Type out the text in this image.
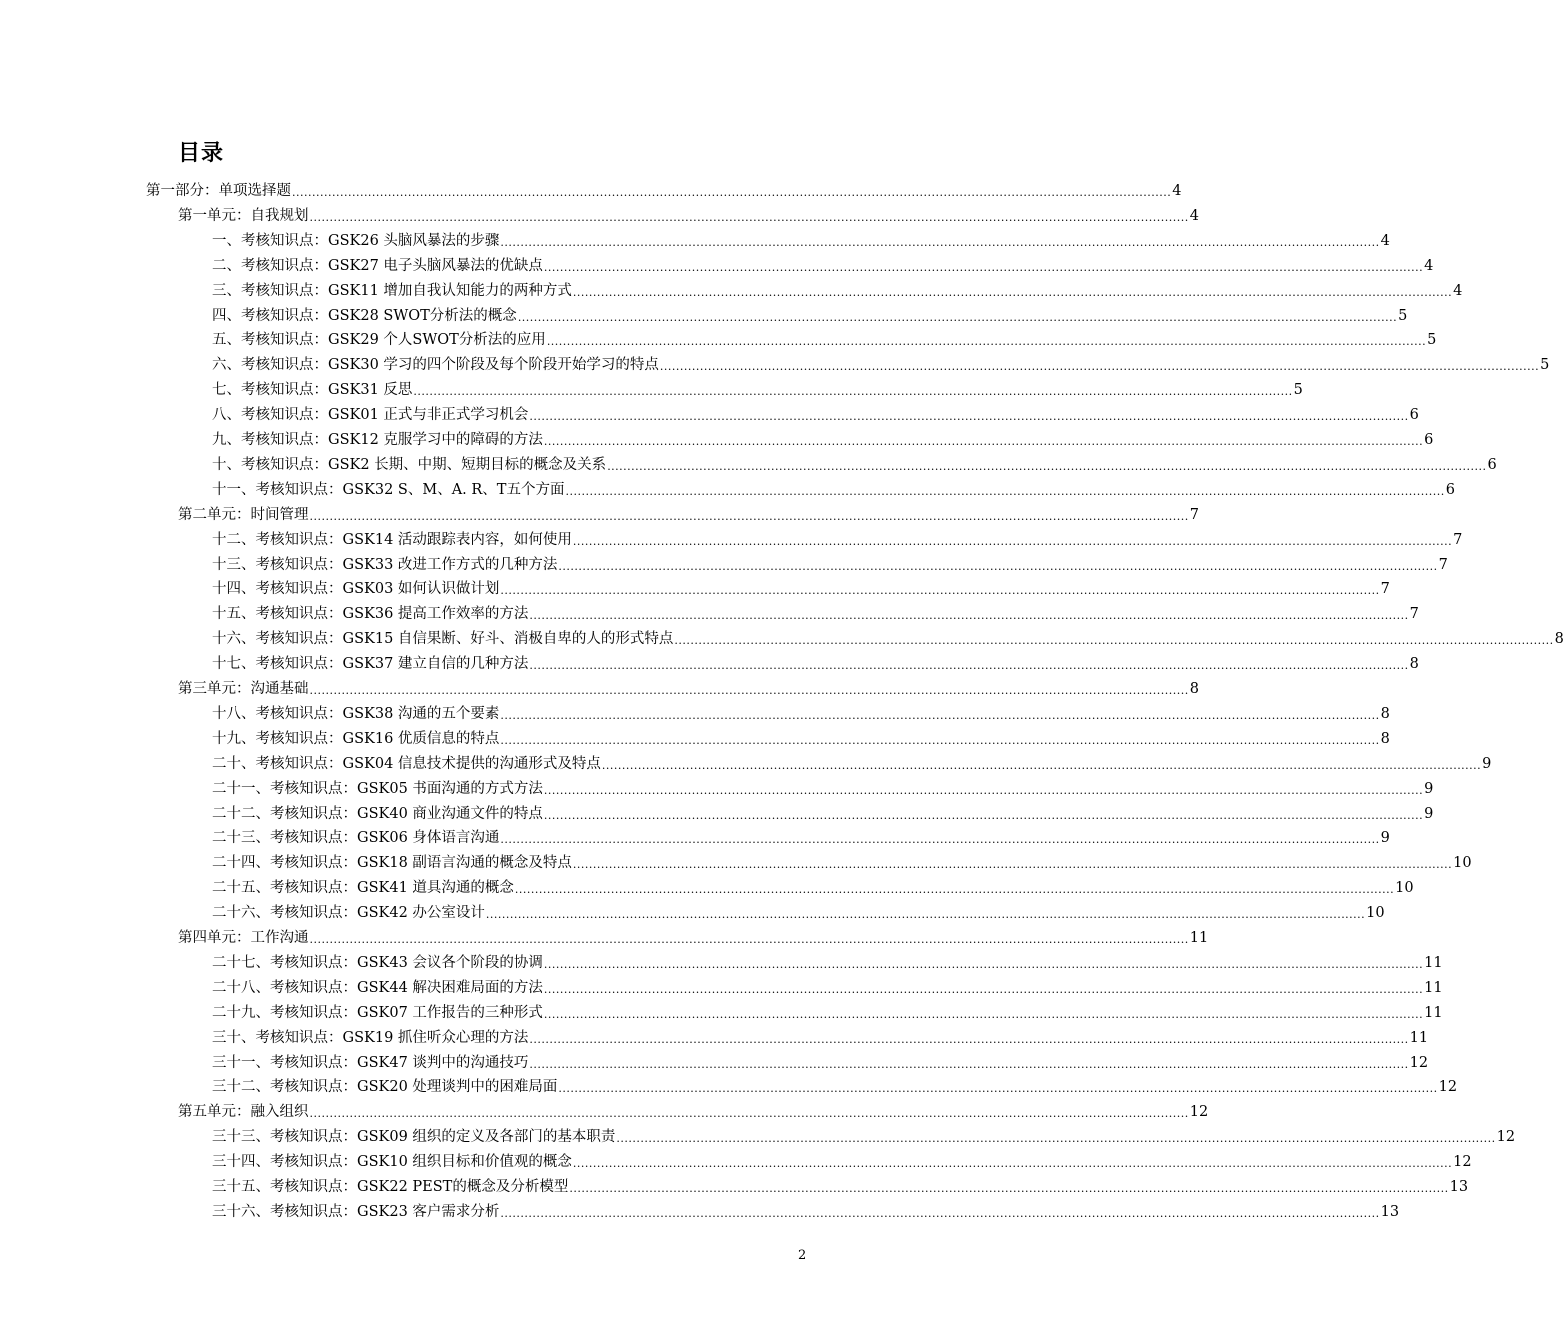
目录
第一部分：单项选择题 ............................................................................................................................................................................................................................ 4
第一单元：自我规划 ............................................................................................................................................................................................................................ 4
一、考核知识点：GSK26 头脑风暴法的步骤 ............................................................................................................................................................................................................................ 4
二、考核知识点：GSK27 电子头脑风暴法的优缺点 ............................................................................................................................................................................................................................ 4
三、考核知识点：GSK11 增加自我认知能力的两种方式 ............................................................................................................................................................................................................................ 4
四、考核知识点：GSK28 SWOT分析法的概念 ............................................................................................................................................................................................................................ 5
五、考核知识点：GSK29 个人SWOT分析法的应用 ............................................................................................................................................................................................................................ 5
六、考核知识点：GSK30 学习的四个阶段及每个阶段开始学习的特点 ............................................................................................................................................................................................................................ 5
七、考核知识点：GSK31 反思 ............................................................................................................................................................................................................................ 5
八、考核知识点：GSK01 正式与非正式学习机会 ............................................................................................................................................................................................................................ 6
九、考核知识点：GSK12 克服学习中的障碍的方法 ............................................................................................................................................................................................................................ 6
十、考核知识点：GSK2 长期、中期、短期目标的概念及关系 ............................................................................................................................................................................................................................ 6
十一、考核知识点：GSK32 S、M、A. R、T五个方面 ............................................................................................................................................................................................................................ 6
第二单元：时间管理 ............................................................................................................................................................................................................................ 7
十二、考核知识点：GSK14 活动跟踪表内容，如何使用 ............................................................................................................................................................................................................................ 7
十三、考核知识点：GSK33 改进工作方式的几种方法 ............................................................................................................................................................................................................................ 7
十四、考核知识点：GSK03 如何认识做计划 ............................................................................................................................................................................................................................ 7
十五、考核知识点：GSK36 提高工作效率的方法 ............................................................................................................................................................................................................................ 7
十六、考核知识点：GSK15 自信果断、好斗、消极自卑的人的形式特点 ............................................................................................................................................................................................................................ 8
十七、考核知识点：GSK37 建立自信的几种方法 ............................................................................................................................................................................................................................ 8
第三单元：沟通基础 ............................................................................................................................................................................................................................ 8
十八、考核知识点：GSK38 沟通的五个要素 ............................................................................................................................................................................................................................ 8
十九、考核知识点：GSK16 优质信息的特点 ............................................................................................................................................................................................................................ 8
二十、考核知识点：GSK04 信息技术提供的沟通形式及特点 ............................................................................................................................................................................................................................ 9
二十一、考核知识点：GSK05 书面沟通的方式方法 ............................................................................................................................................................................................................................ 9
二十二、考核知识点：GSK40 商业沟通文件的特点 ............................................................................................................................................................................................................................ 9
二十三、考核知识点：GSK06 身体语言沟通 ............................................................................................................................................................................................................................ 9
二十四、考核知识点：GSK18 副语言沟通的概念及特点 ............................................................................................................................................................................................................................ 10
二十五、考核知识点：GSK41 道具沟通的概念 ............................................................................................................................................................................................................................ 10
二十六、考核知识点：GSK42 办公室设计 ............................................................................................................................................................................................................................ 10
第四单元：工作沟通 ............................................................................................................................................................................................................................ 11
二十七、考核知识点：GSK43 会议各个阶段的协调 ............................................................................................................................................................................................................................ 11
二十八、考核知识点：GSK44 解决困难局面的方法 ............................................................................................................................................................................................................................ 11
二十九、考核知识点：GSK07 工作报告的三种形式 ............................................................................................................................................................................................................................ 11
三十、考核知识点：GSK19 抓住听众心理的方法 ............................................................................................................................................................................................................................ 11
三十一、考核知识点：GSK47 谈判中的沟通技巧 ............................................................................................................................................................................................................................ 12
三十二、考核知识点：GSK20 处理谈判中的困难局面 ............................................................................................................................................................................................................................ 12
第五单元：融入组织 ............................................................................................................................................................................................................................ 12
三十三、考核知识点：GSK09 组织的定义及各部门的基本职责 ............................................................................................................................................................................................................................ 12
三十四、考核知识点：GSK10 组织目标和价值观的概念 ............................................................................................................................................................................................................................ 12
三十五、考核知识点：GSK22 PEST的概念及分析模型 ............................................................................................................................................................................................................................ 13
三十六、考核知识点：GSK23 客户需求分析 ............................................................................................................................................................................................................................ 13
2
